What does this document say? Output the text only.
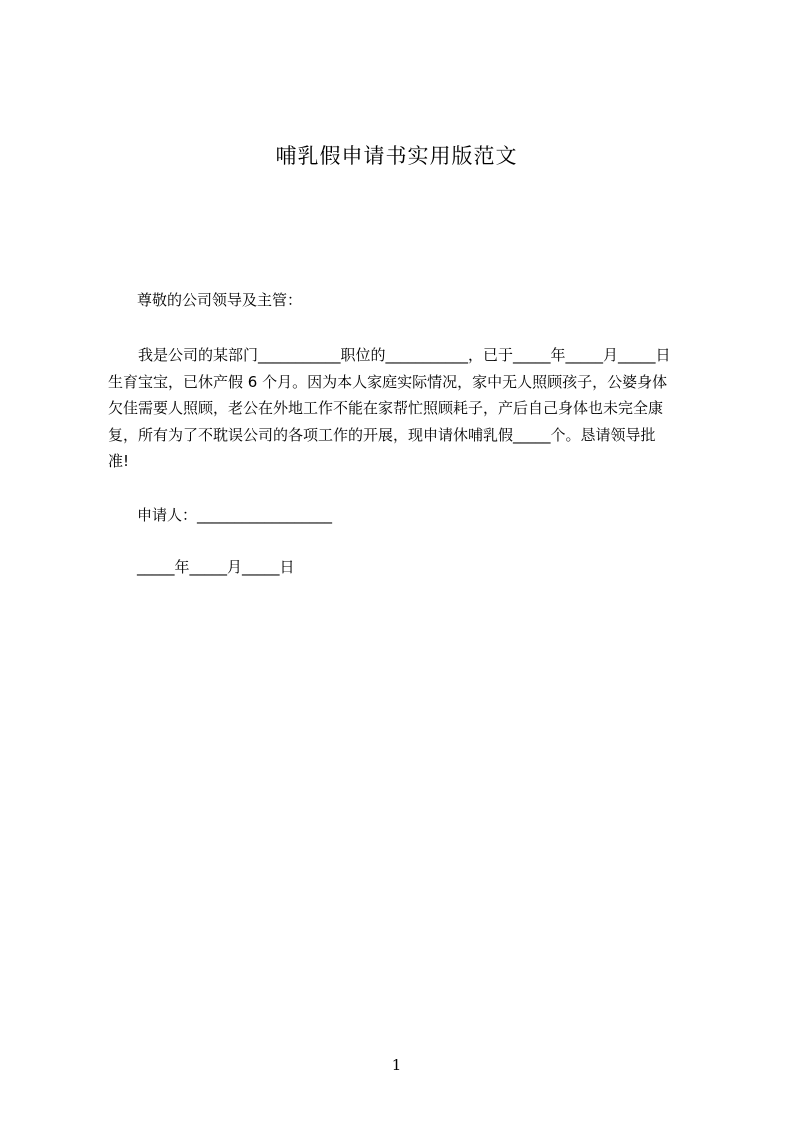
哺乳假申请书实用版范文
尊敬的公司领导及主管：
我是公司的某部门___________职位的___________，已于_____年_____月_____日
生育宝宝，已休产假 6 个月。因为本人家庭实际情况，家中无人照顾孩子，公婆身体
欠佳需要人照顾，老公在外地工作不能在家帮忙照顾耗子，产后自己身体也未完全康
复，所有为了不耽误公司的各项工作的开展，现申请休哺乳假_____个。恳请领导批
准!
申请人：__________________
_____年_____月_____日
1
